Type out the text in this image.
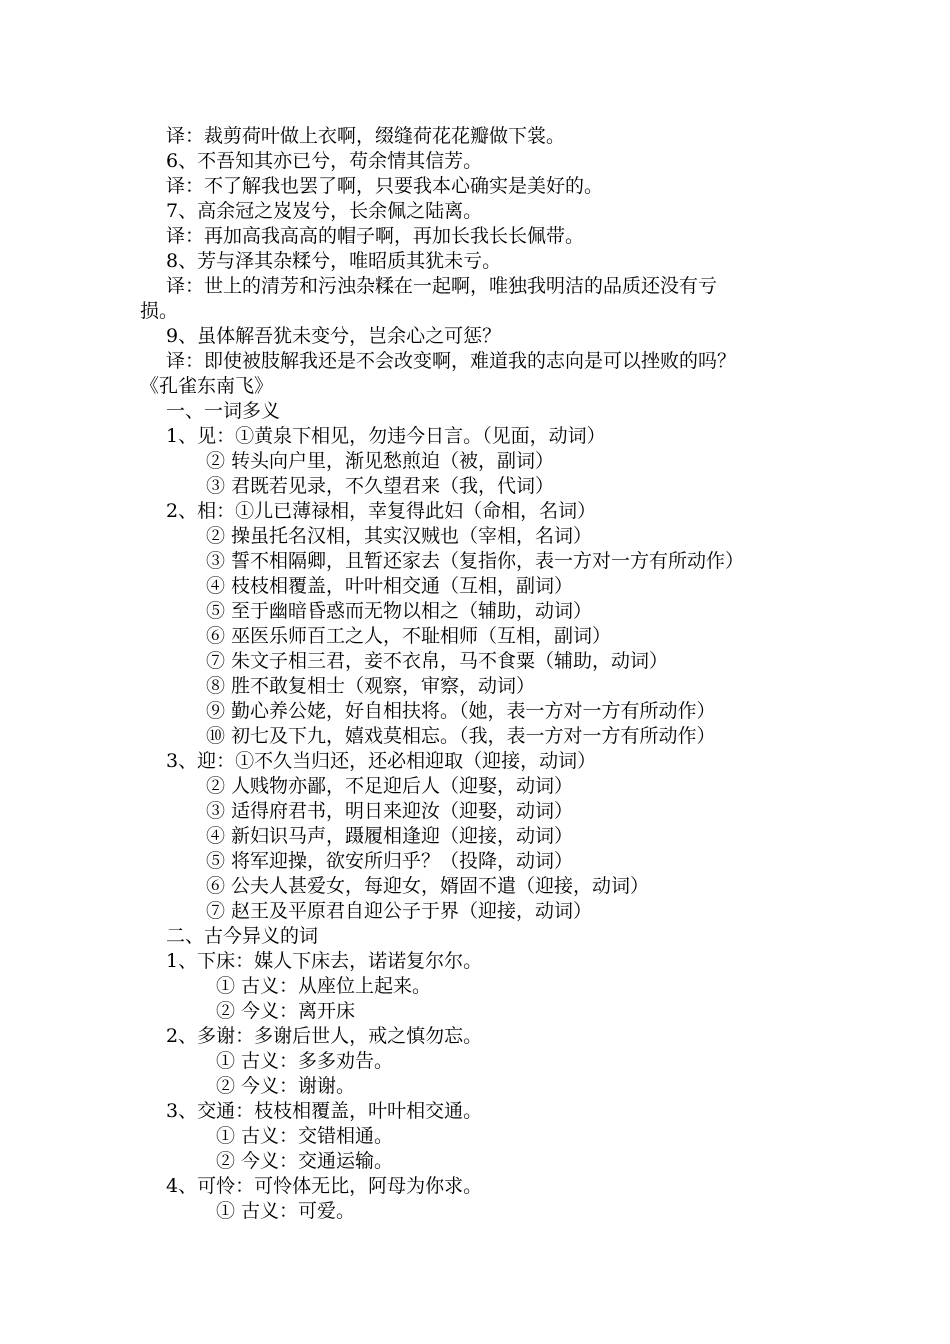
译：裁剪荷叶做上衣啊，缀缝荷花花瓣做下裳。
6、不吾知其亦已兮，苟余情其信芳。
译：不了解我也罢了啊，只要我本心确实是美好的。
7、高余冠之岌岌兮，长余佩之陆离。
译：再加高我高高的帽子啊，再加长我长长佩带。
8、芳与泽其杂糅兮，唯昭质其犹未亏。
译：世上的清芳和污浊杂糅在一起啊，唯独我明洁的品质还没有亏
损。
9、虽体解吾犹未变兮，岂余心之可惩？
译：即使被肢解我还是不会改变啊，难道我的志向是可以挫败的吗？
《孔雀东南飞》
一、一词多义
1、见：①黄泉下相见，勿违今日言。（见面，动词）
② 转头向户里，渐见愁煎迫（被，副词）
③ 君既若见录，不久望君来（我，代词）
2、相：①儿已薄禄相，幸复得此妇（命相，名词）
② 操虽托名汉相，其实汉贼也（宰相，名词）
③ 誓不相隔卿，且暂还家去（复指你，表一方对一方有所动作）
④ 枝枝相覆盖，叶叶相交通（互相，副词）
⑤ 至于幽暗昏惑而无物以相之（辅助，动词）
⑥ 巫医乐师百工之人，不耻相师（互相，副词）
⑦ 朱文子相三君，妾不衣帛，马不食粟（辅助，动词）
⑧ 胜不敢复相士（观察，审察，动词）
⑨ 勤心养公姥，好自相扶将。（她，表一方对一方有所动作）
⑩ 初七及下九，嬉戏莫相忘。（我，表一方对一方有所动作）
3、迎：①不久当归还，还必相迎取（迎接，动词）
② 人贱物亦鄙，不足迎后人（迎娶，动词）
③ 适得府君书，明日来迎汝（迎娶，动词）
④ 新妇识马声，蹑履相逢迎（迎接，动词）
⑤ 将军迎操，欲安所归乎？（投降，动词）
⑥ 公夫人甚爱女，每迎女，婿固不遣（迎接，动词）
⑦ 赵王及平原君自迎公子于界（迎接，动词）
二、古今异义的词
1、下床：媒人下床去，诺诺复尔尔。
① 古义：从座位上起来。
② 今义：离开床
2、多谢：多谢后世人，戒之慎勿忘。
① 古义：多多劝告。
② 今义：谢谢。
3、交通：枝枝相覆盖，叶叶相交通。
① 古义：交错相通。
② 今义：交通运输。
4、可怜：可怜体无比，阿母为你求。
① 古义：可爱。
